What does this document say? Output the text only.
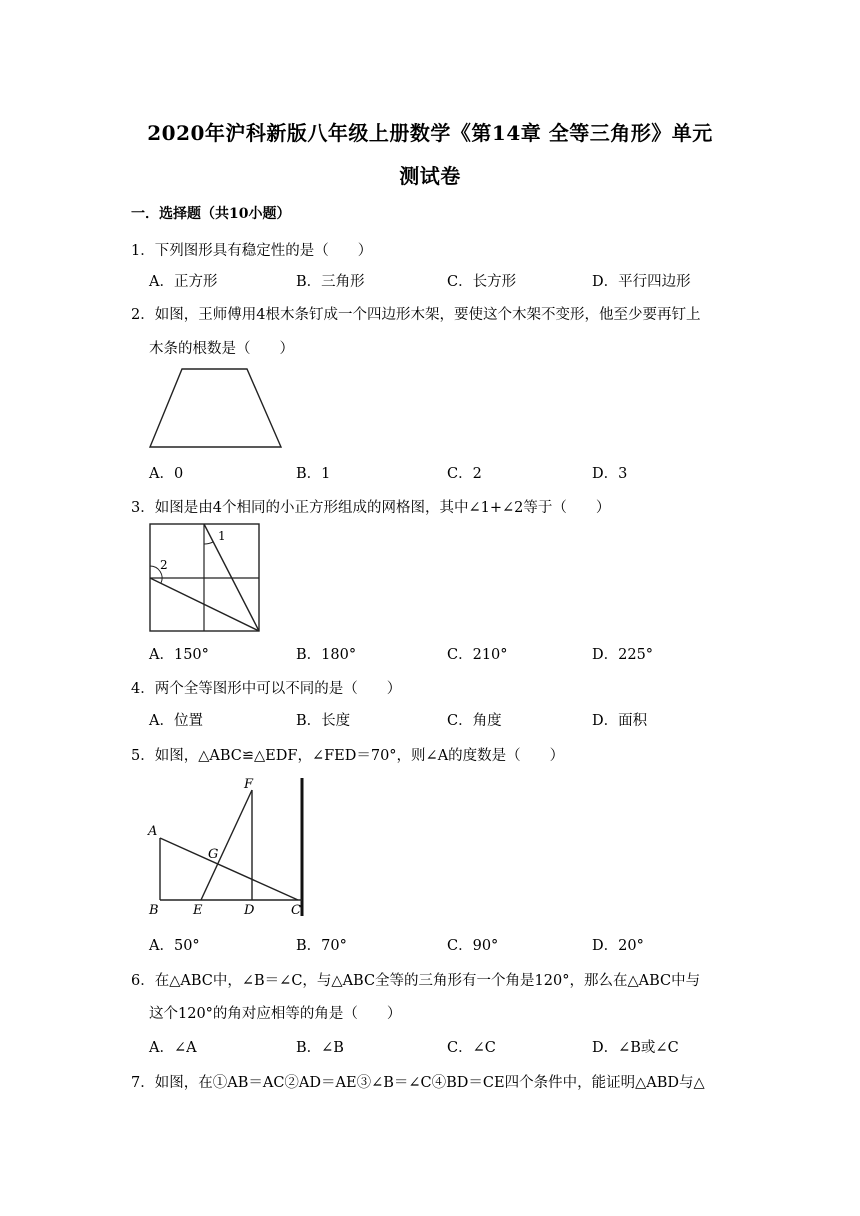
2020年沪科新版八年级上册数学《第14章 全等三角形》单元
测试卷
一．选择题（共10小题）
1．下列图形具有稳定性的是（　　）
A．正方形	B．三角形	C．长方形	D．平行四边形
2．如图，王师傅用4根木条钉成一个四边形木架，要使这个木架不变形，他至少要再钉上
木条的根数是（　　）
A．0	B．1	C．2	D．3
3．如图是由4个相同的小正方形组成的网格图，其中∠1+∠2等于（　　）
1
2
A．150°	B．180°	C．210°	D．225°
4．两个全等图形中可以不同的是（　　）
A．位置	B．长度	C．角度	D．面积
5．如图，△ABC≌△EDF，∠FED＝70°，则∠A的度数是（　　）
F
A
G
B	E	D	C
A．50°	B．70°	C．90°	D．20°
6．在△ABC中，∠B＝∠C，与△ABC全等的三角形有一个角是120°，那么在△ABC中与
这个120°的角对应相等的角是（　　）
A．∠A	B．∠B	C．∠C	D．∠B或∠C
7．如图，在①AB＝AC②AD＝AE③∠B＝∠C④BD＝CE四个条件中，能证明△ABD与△
